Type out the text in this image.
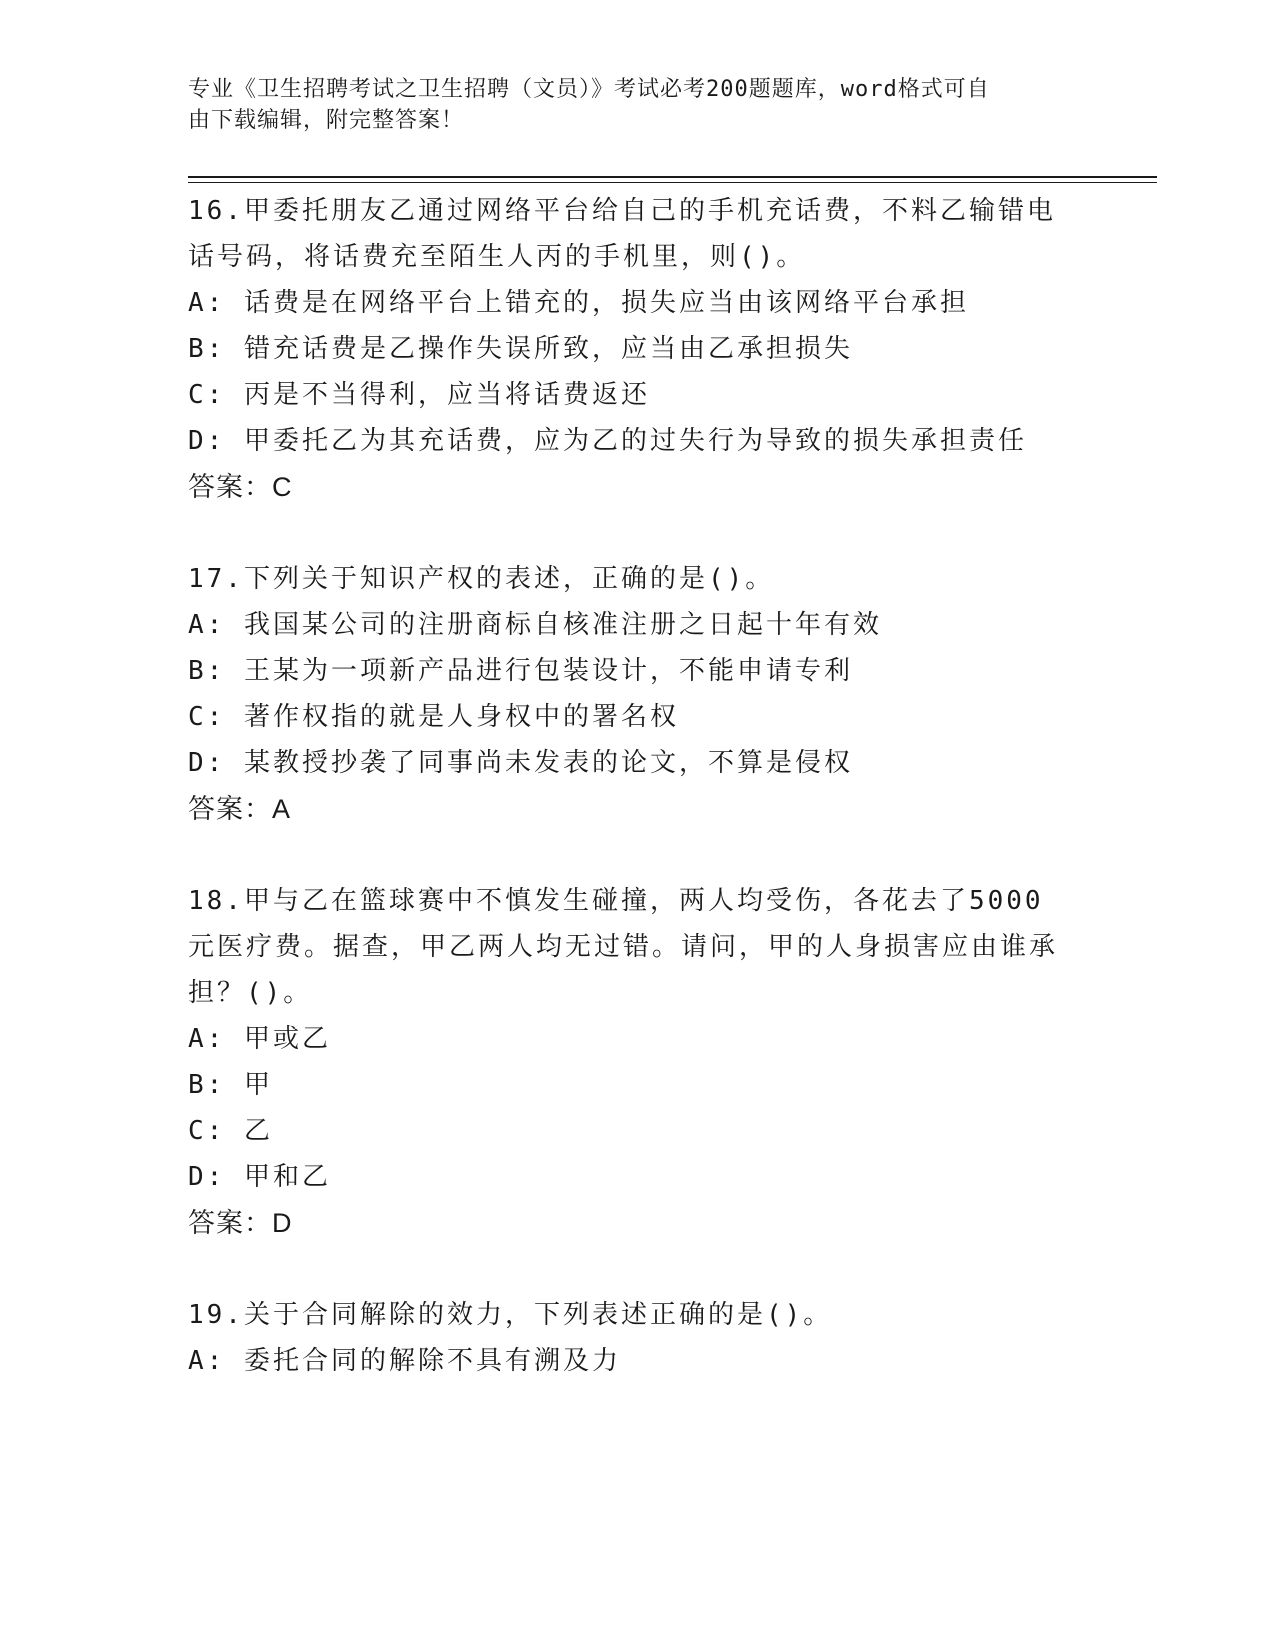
专业《卫生招聘考试之卫生招聘（文员）》考试必考200题题库，word格式可自
由下载编辑，附完整答案！
16.甲委托朋友乙通过网络平台给自己的手机充话费，不料乙输错电话号码，将话费充至陌生人丙的手机里，则()。
A: 话费是在网络平台上错充的，损失应当由该网络平台承担
B: 错充话费是乙操作失误所致，应当由乙承担损失
C: 丙是不当得利，应当将话费返还
D: 甲委托乙为其充话费，应为乙的过失行为导致的损失承担责任
答案：C
17.下列关于知识产权的表述，正确的是()。
A: 我国某公司的注册商标自核准注册之日起十年有效
B: 王某为一项新产品进行包装设计，不能申请专利
C: 著作权指的就是人身权中的署名权
D: 某教授抄袭了同事尚未发表的论文，不算是侵权
答案：A
18.甲与乙在篮球赛中不慎发生碰撞，两人均受伤，各花去了5000元医疗费。据查，甲乙两人均无过错。请问，甲的人身损害应由谁承担？()。
A: 甲或乙
B: 甲
C: 乙
D: 甲和乙
答案：D
19.关于合同解除的效力，下列表述正确的是()。
A: 委托合同的解除不具有溯及力
